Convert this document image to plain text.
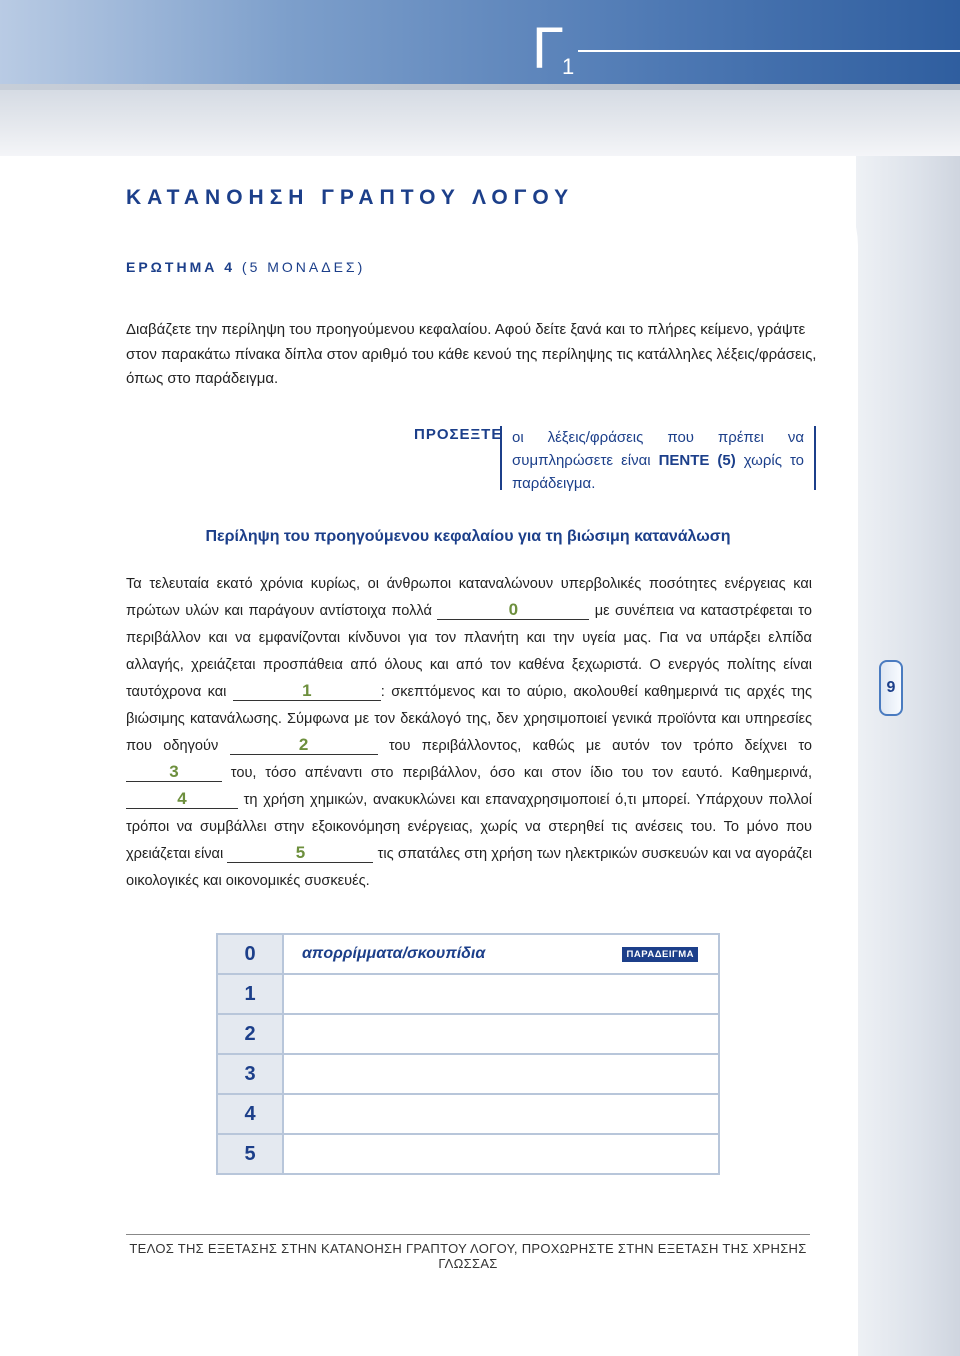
Γ
1
ΚΑΤΑΝΟΗΣΗ ΓΡΑΠΤΟΥ ΛΟΓΟΥ
ΕΡΩΤΗΜΑ 4 (5 ΜΟΝΑΔΕΣ)
Διαβάζετε την περίληψη του προηγούμενου κεφαλαίου. Αφού δείτε ξανά και το πλήρες κείμενο, γράψτε στον παρακάτω πίνακα δίπλα στον αριθμό του κάθε κενού της περίληψης τις κατάλληλες λέξεις/φράσεις, όπως στο παράδειγμα.
ΠΡΟΣΕΞΤΕ οι λέξεις/φράσεις που πρέπει να συμπληρώσετε είναι ΠΕΝΤΕ (5) χωρίς το παράδειγμα.
Περίληψη του προηγούμενου κεφαλαίου για τη βιώσιμη κατανάλωση
Τα τελευταία εκατό χρόνια κυρίως, οι άνθρωποι καταναλώνουν υπερβολικές ποσότητες ενέργειας και πρώτων υλών και παράγουν αντίστοιχα πολλά	0	με συνέπεια να καταστρέφεται το περιβάλλον και να εμφανίζονται κίνδυνοι για τον πλανήτη και την υγεία μας. Για να υπάρξει ελπίδα αλλαγής, χρειάζεται προσπάθεια από όλους και από τον καθένα ξεχωριστά. Ο ενεργός πολίτης είναι ταυτόχρονα και	1	: σκεπτόμενος και το αύριο, ακολουθεί καθημερινά τις αρχές της βιώσιμης κατανάλωσης. Σύμφωνα με τον δεκάλογό της, δεν χρησιμοποιεί γενικά προϊόντα και υπηρεσίες που οδηγούν	2	του περιβάλλοντος, καθώς με αυτόν τον τρόπο δείχνει το 3	του, τόσο απέναντι στο περιβάλλον, όσο και στον ίδιο του τον εαυτό. Καθημερινά, 4	τη χρήση χημικών, ανακυκλώνει και επαναχρησιμοποιεί ό,τι μπορεί. Υπάρχουν πολλοί τρόποι να συμβάλλει στην εξοικονόμηση ενέργειας, χωρίς να στερηθεί τις ανέσεις του. Το μόνο που χρειάζεται είναι	5	τις σπατάλες στη χρήση των ηλεκτρικών συσκευών και να αγοράζει οικολογικές και οικονομικές συσκευές.
0	απορρίμματα/σκουπίδια ΠΑΡΑΔΕΙΓΜΑ

1	
2	
3	
4	
5	
9
ΤΕΛΟΣ ΤΗΣ ΕΞΕΤΑΣΗΣ ΣΤΗΝ ΚΑΤΑΝΟΗΣΗ ΓΡΑΠΤΟΥ ΛΟΓΟΥ, ΠΡΟΧΩΡΗΣΤΕ ΣΤΗΝ ΕΞΕΤΑΣΗ ΤΗΣ ΧΡΗΣΗΣ ΓΛΩΣΣΑΣ
